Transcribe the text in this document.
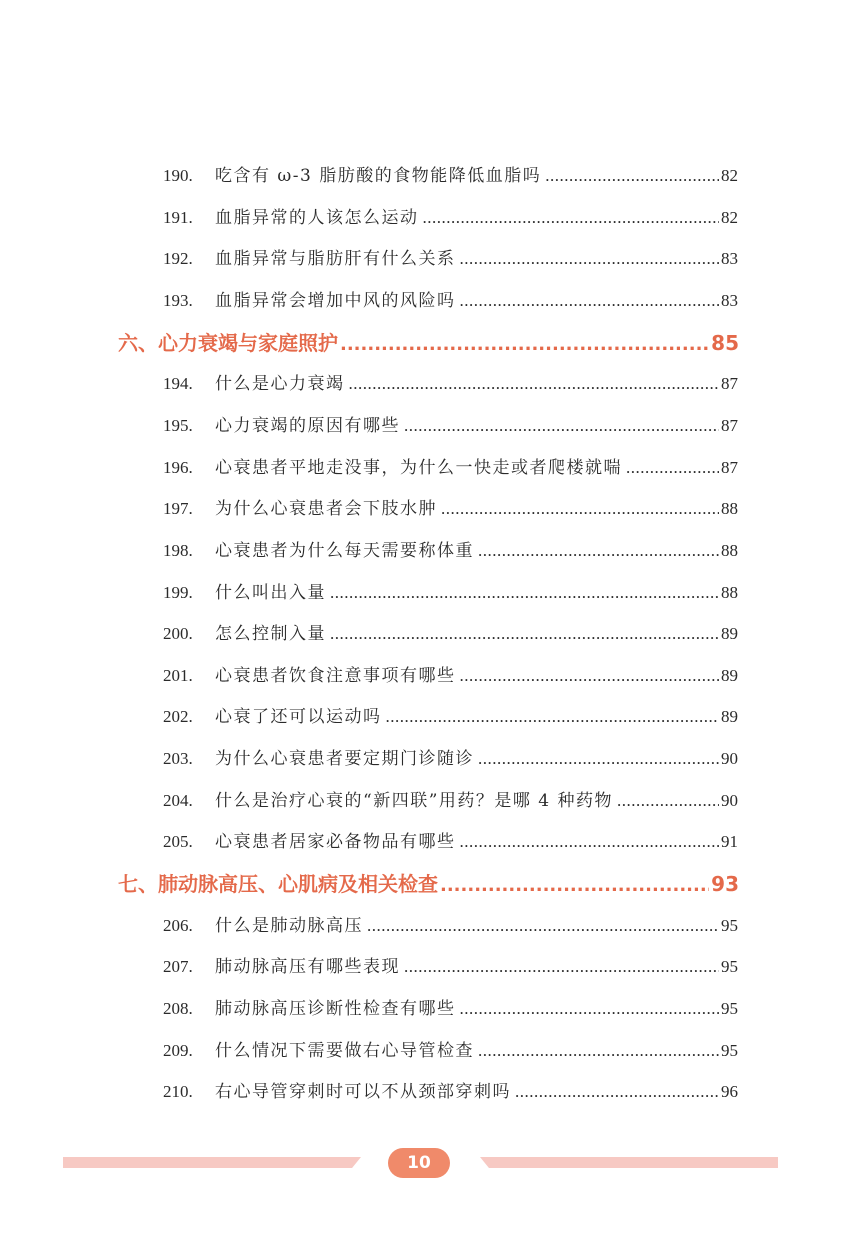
190.	吃含有 ω-3 脂肪酸的食物能降低血脂吗 .....	82
191.	血脂异常的人该怎么运动 .....	82
192.	血脂异常与脂肪肝有什么关系 .....	83
193.	血脂异常会增加中风的风险吗 .....	83
六、心力衰竭与家庭照护 .....	85
194.	什么是心力衰竭 .....	87
195.	心力衰竭的原因有哪些 .....	87
196.	心衰患者平地走没事，为什么一快走或者爬楼就喘 .....	87
197.	为什么心衰患者会下肢水肿 .....	88
198.	心衰患者为什么每天需要称体重 .....	88
199.	什么叫出入量 .....	88
200.	怎么控制入量 .....	89
201.	心衰患者饮食注意事项有哪些 .....	89
202.	心衰了还可以运动吗 .....	89
203.	为什么心衰患者要定期门诊随诊 .....	90
204.	什么是治疗心衰的“新四联”用药？是哪 4 种药物 .....	90
205.	心衰患者居家必备物品有哪些 .....	91
七、肺动脉高压、心肌病及相关检查 .....	93
206.	什么是肺动脉高压 .....	95
207.	肺动脉高压有哪些表现 .....	95
208.	肺动脉高压诊断性检查有哪些 .....	95
209.	什么情况下需要做右心导管检查 .....	95
210.	右心导管穿刺时可以不从颈部穿刺吗 .....	96
10
